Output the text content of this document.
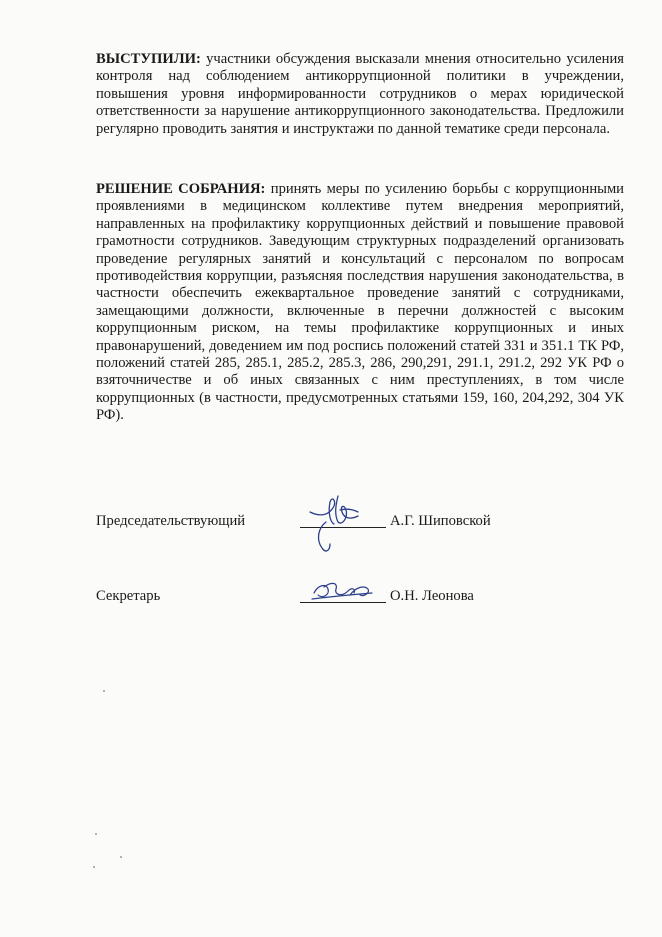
ВЫСТУПИЛИ: участники обсуждения высказали мнения относительно усиления контроля над соблюдением антикоррупционной политики в учреждении, повышения уровня информированности сотрудников о мерах юридической ответственности за нарушение антикоррупционного законодательства. Предложили регулярно проводить занятия и инструктажи по данной тематике среди персонала.

РЕШЕНИЕ СОБРАНИЯ: принять меры по усилению борьбы с коррупционными проявлениями в медицинском коллективе путем внедрения мероприятий, направленных на профилактику коррупционных действий и повышение правовой грамотности сотрудников. Заведующим структурных подразделений организовать проведение регулярных занятий и консультаций с персоналом по вопросам противодействия коррупции, разъясняя последствия нарушения законодательства, в частности обеспечить ежеквартальное проведение занятий с сотрудниками, замещающими должности, включенные в перечни должностей с высоким коррупционным риском, на темы профилактике коррупционных и иных правонарушений, доведением им под роспись положений статей 331 и 351.1 ТК РФ, положений статей 285, 285.1, 285.2, 285.3, 286, 290,291, 291.1, 291.2, 292 УК РФ о взяточничестве и об иных связанных с ним преступлениях, в том числе коррупционных (в частности, предусмотренных статьями 159, 160, 204,292, 304 УК РФ).

Председательствующий	А.Г. Шиповской
Секретарь	О.Н. Леонова
